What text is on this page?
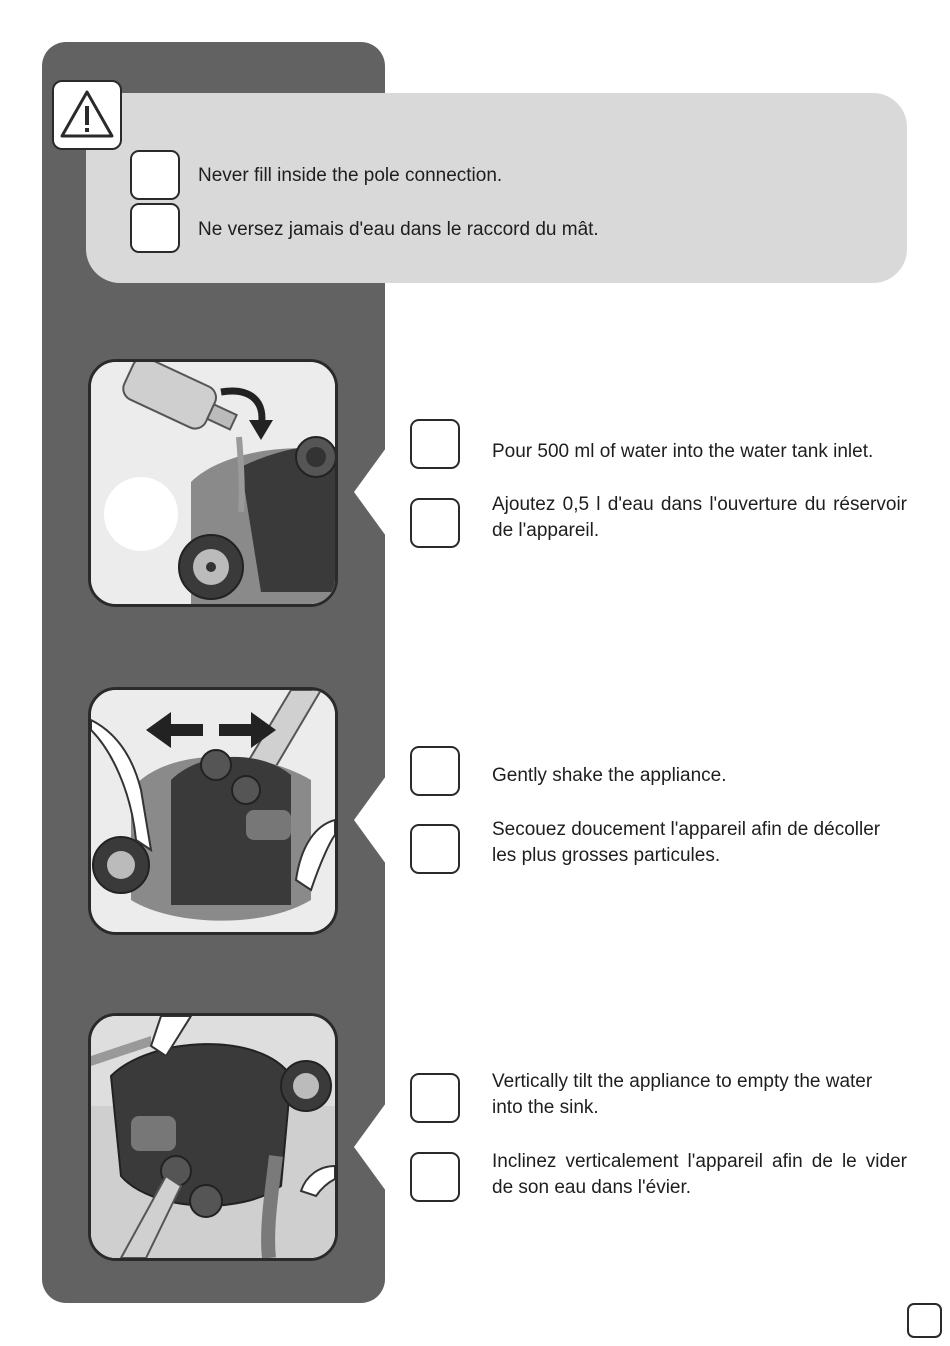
Never fill inside the pole connection.
Ne versez jamais d'eau dans le raccord du mât.
Pour 500 ml of water into the water tank inlet.
Ajoutez 0,5 l d'eau dans l'ouverture du réservoir de l'appareil.
Gently shake the appliance.
Secouez doucement l'appareil afin de décoller les plus grosses particules.
Vertically tilt the appliance to empty the water into the sink.
Inclinez verticalement l'appareil afin de le vider de son eau dans l'évier.
